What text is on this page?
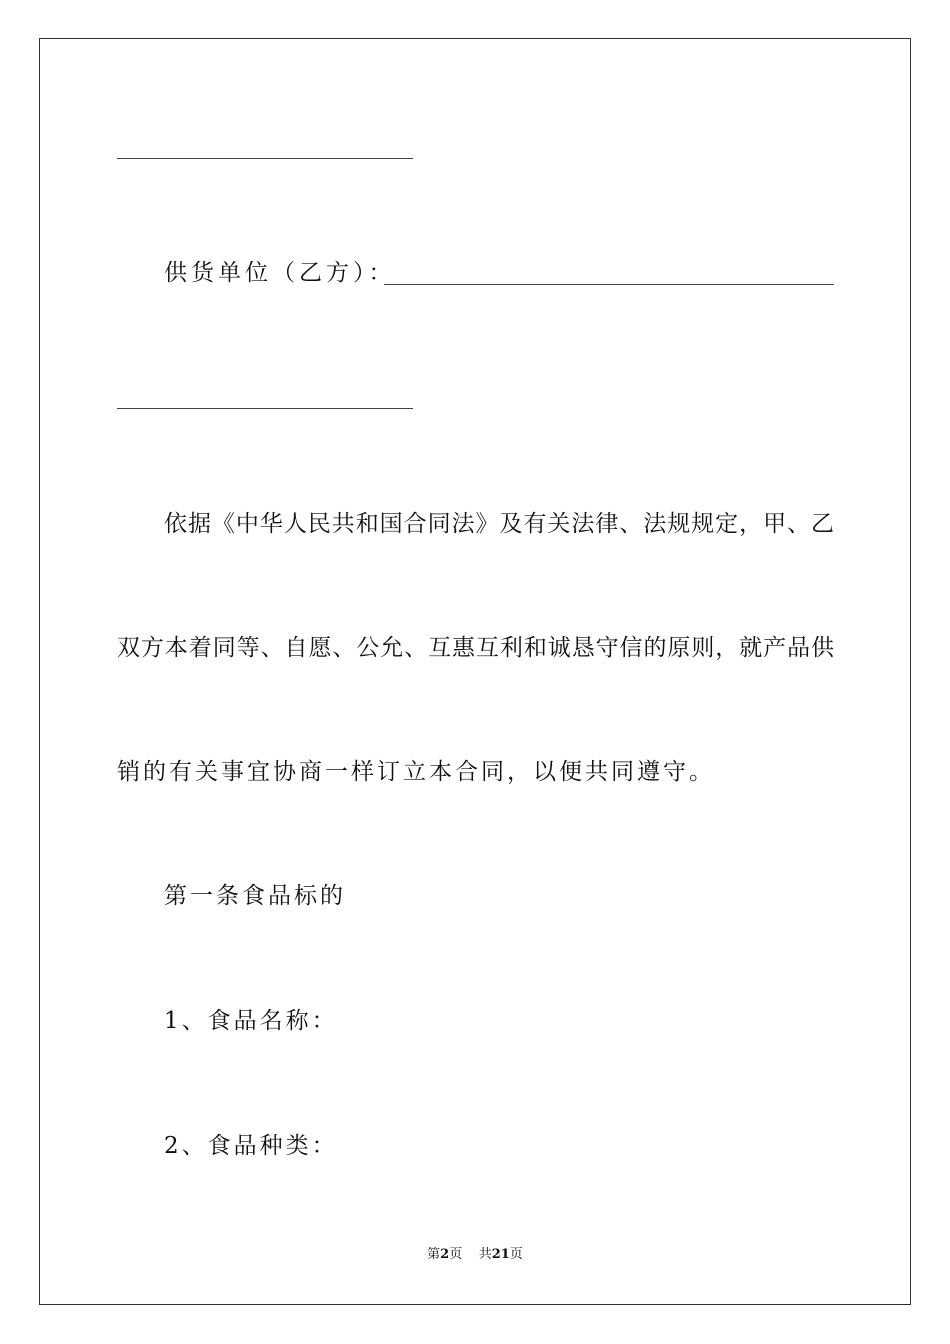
供货单位（乙方）：
依据《中华人民共和国合同法》及有关法律、法规规定，甲、乙
双方本着同等、自愿、公允、互惠互利和诚恳守信的原则，就产品供
销的有关事宜协商一样订立本合同，以便共同遵守。
第一条食品标的
1、食品名称：
2、食品种类：
第2页 共21页
